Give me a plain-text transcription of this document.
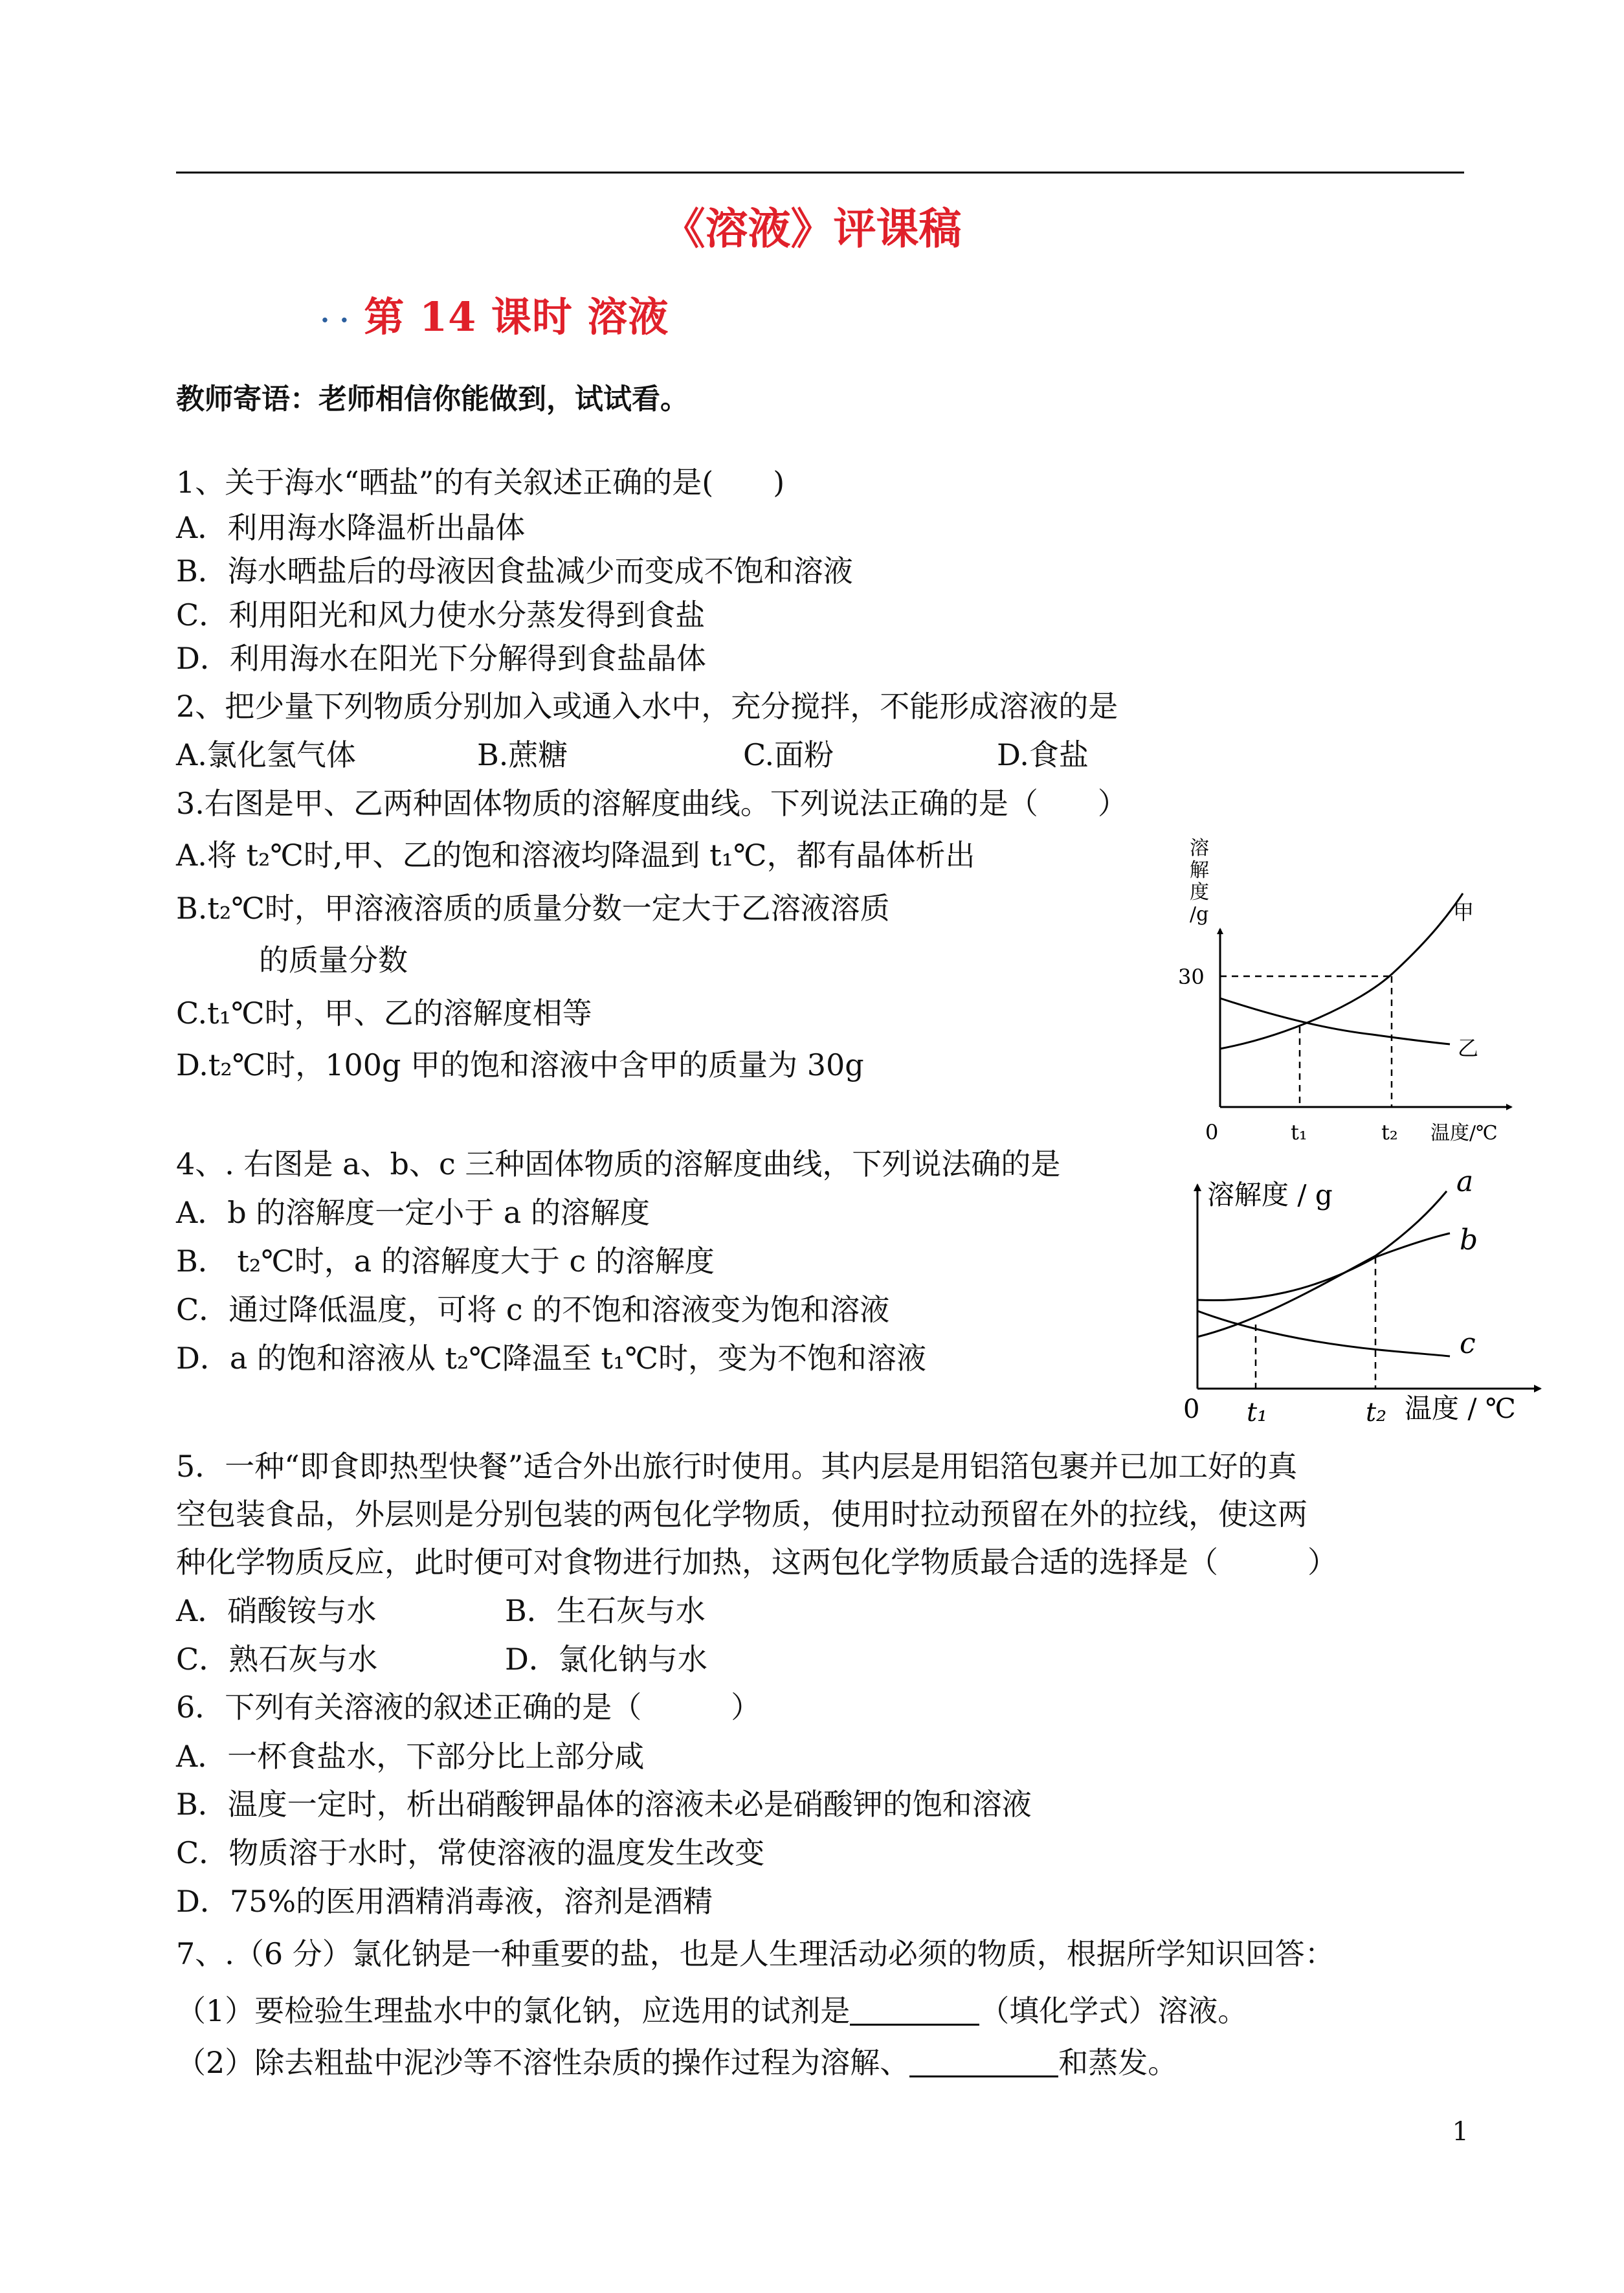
《溶液》评课稿
· · 第 14 课时 溶液
教师寄语：老师相信你能做到，试试看。
1、关于海水“晒盐”的有关叙述正确的是(　　)
A．利用海水降温析出晶体
B．海水晒盐后的母液因食盐减少而变成不饱和溶液
C．利用阳光和风力使水分蒸发得到食盐
D．利用海水在阳光下分解得到食盐晶体
2、把少量下列物质分别加入或通入水中，充分搅拌，不能形成溶液的是
A.氯化氢气体	B.蔗糖	C.面粉	D.食盐
3.右图是甲、乙两种固体物质的溶解度曲线。下列说法正确的是（　　）
A.将 t₂℃时,甲、乙的饱和溶液均降温到 t₁℃，都有晶体析出
B.t₂℃时，甲溶液溶质的质量分数一定大于乙溶液溶质
的质量分数
C.t₁℃时，甲、乙的溶解度相等
D.t₂℃时，100g 甲的饱和溶液中含甲的质量为 30g
溶解度/g
30
0	t₁	t₂ 温度/℃
甲
乙
4、. 右图是 a、b、c 三种固体物质的溶解度曲线，下列说法确的是
A．b 的溶解度一定小于 a 的溶解度
B． t₂℃时，a 的溶解度大于 c 的溶解度
C．通过降低温度，可将 c 的不饱和溶液变为饱和溶液
D．a 的饱和溶液从 t₂℃降温至 t₁℃时，变为不饱和溶液
溶解度 / g
0 t₁	t₂ 温度 / ℃
a
b
c
5．一种“即食即热型快餐”适合外出旅行时使用。其内层是用铝箔包裹并已加工好的真
空包装食品，外层则是分别包装的两包化学物质，使用时拉动预留在外的拉线，使这两
种化学物质反应，此时便可对食物进行加热，这两包化学物质最合适的选择是（　　　）
A．硝酸铵与水	B．生石灰与水
C．熟石灰与水	D．氯化钠与水
6．下列有关溶液的叙述正确的是（　　　）
A．一杯食盐水，下部分比上部分咸
B．温度一定时，析出硝酸钾晶体的溶液未必是硝酸钾的饱和溶液
C．物质溶于水时，常使溶液的温度发生改变
D．75%的医用酒精消毒液，溶剂是酒精
7、.（6 分）氯化钠是一种重要的盐，也是人生理活动必须的物质，根据所学知识回答：
（1）要检验生理盐水中的氯化钠，应选用的试剂是	（填化学式）溶液。
（2）除去粗盐中泥沙等不溶性杂质的操作过程为溶解、	和蒸发。
1
